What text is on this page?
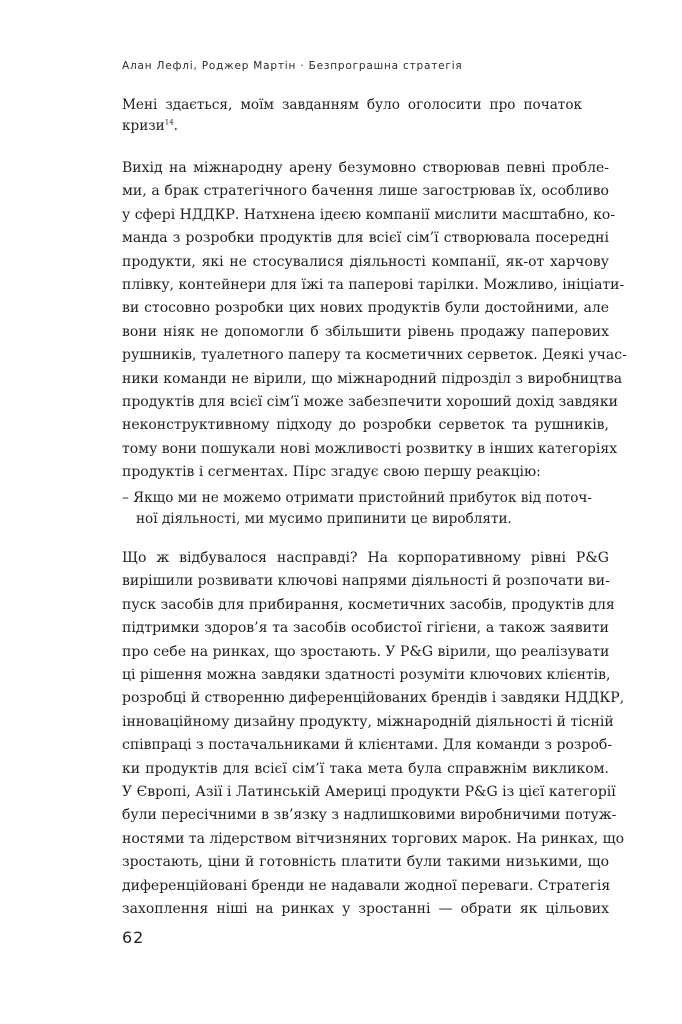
Алан Лефлі, Роджер Мартін · Безпрограшна стратегія
Мені здається, моїм завданням було оголосити про початок
кризи$^{14}$.
Вихід на міжнародну арену безумовно створював певні пробле-
ми, а брак стратегічного бачення лише загострював їх, особливо
у сфері НДДКР. Натхнена ідеєю компанії мислити масштабно, ко-
манда з розробки продуктів для всієї сім’ї створювала посередні
продукти, які не стосувалися діяльності компанії, як-от харчову
плівку, контейнери для їжі та паперові тарілки. Можливо, ініціати-
ви стосовно розробки цих нових продуктів були достойними, але
вони ніяк не допомогли б збільшити рівень продажу паперових
рушників, туалетного паперу та косметичних серветок. Деякі учас-
ники команди не вірили, що міжнародний підрозділ з виробництва
продуктів для всієї сім’ї може забезпечити хороший дохід завдяки
неконструктивному підходу до розробки серветок та рушників,
тому вони пошукали нові можливості розвитку в інших категоріях
продуктів і сегментах. Пірс згадує свою першу реакцію:
– Якщо ми не можемо отримати пристойний прибуток від поточ-
ної діяльності, ми мусимо припинити це виробляти.
Що ж відбувалося насправді? На корпоративному рівні P&G
вирішили розвивати ключові напрями діяльності й розпочати ви-
пуск засобів для прибирання, косметичних засобів, продуктів для
підтримки здоров’я та засобів особистої гігієни, а також заявити
про себе на ринках, що зростають. У P&G вірили, що реалізувати
ці рішення можна завдяки здатності розуміти ключових клієнтів,
розробці й створенню диференційованих брендів і завдяки НДДКР,
інноваційному дизайну продукту, міжнародній діяльності й тісній
співпраці з постачальниками й клієнтами. Для команди з розроб-
ки продуктів для всієї сім’ї така мета була справжнім викликом.
У Європі, Азії і Латинській Америці продукти P&G із цієї категорії
були пересічними в зв’язку з надлишковими виробничими потуж-
ностями та лідерством вітчизняних торгових марок. На ринках, що
зростають, ціни й готовність платити були такими низькими, що
диференційовані бренди не надавали жодної переваги. Стратегія
захоплення ніші на ринках у зростанні — обрати як цільових
62
